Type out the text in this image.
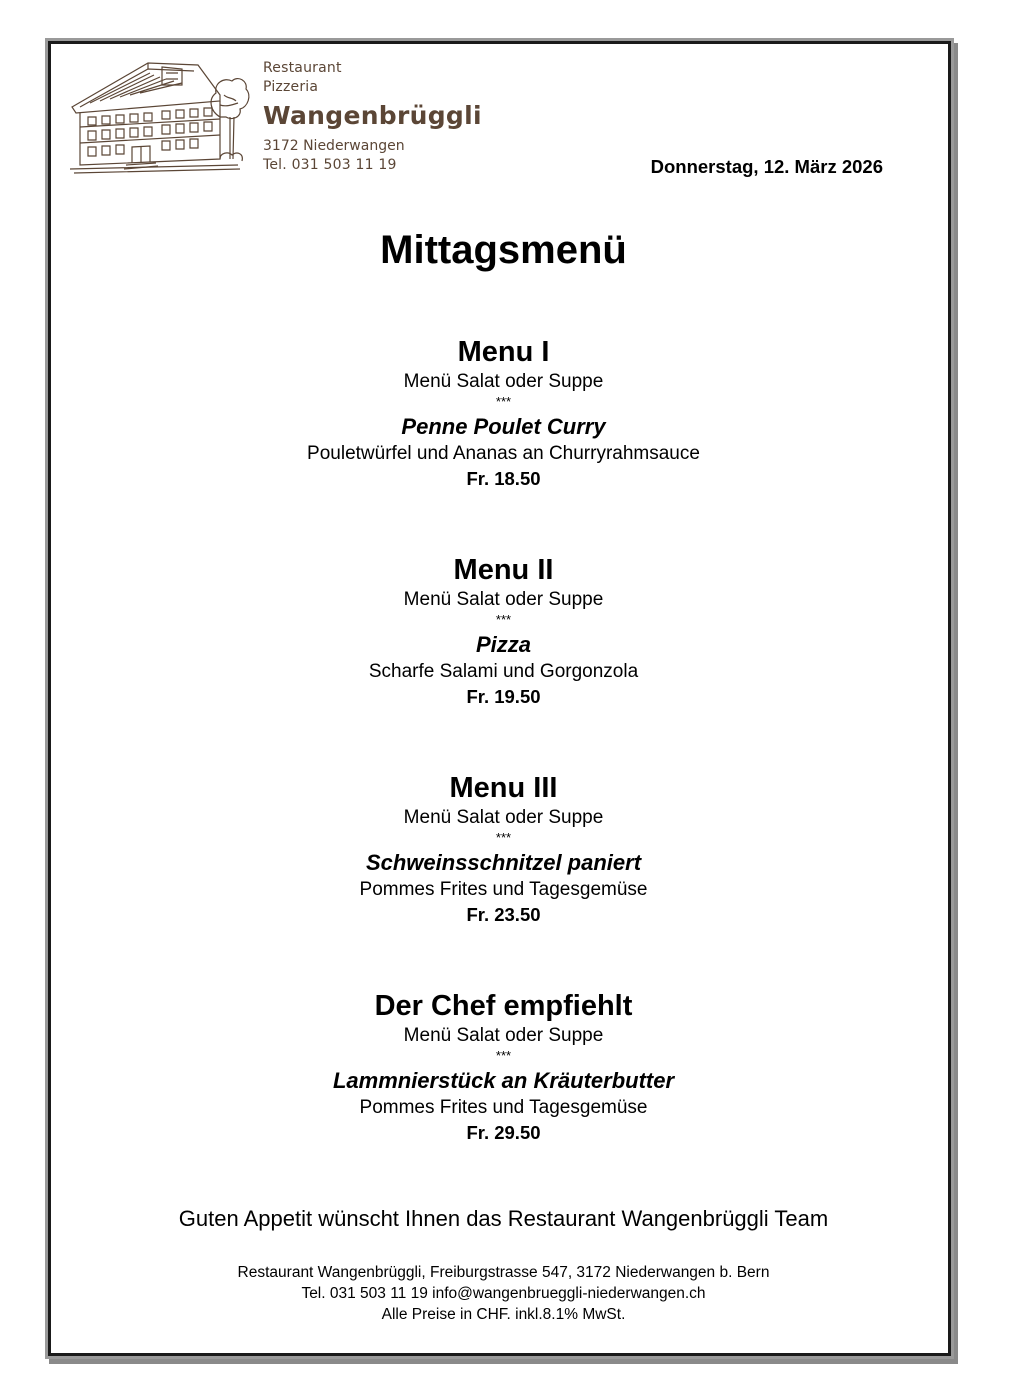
Restaurant
Pizzeria
Wangenbrüggli
3172 Niederwangen
Tel. 031 503 11 19	Donnerstag, 12. März 2026
Mittagsmenü
Menu I
Menü Salat oder Suppe
***
Penne Poulet Curry
Pouletwürfel und Ananas an Churryrahmsauce
Fr. 18.50
Menu II
Menü Salat oder Suppe
***
Pizza
Scharfe Salami und Gorgonzola
Fr. 19.50
Menu III
Menü Salat oder Suppe
***
Schweinsschnitzel paniert
Pommes Frites und Tagesgemüse
Fr. 23.50
Der Chef empfiehlt
Menü Salat oder Suppe
***
Lammnierstück an Kräuterbutter
Pommes Frites und Tagesgemüse
Fr. 29.50
Guten Appetit wünscht Ihnen das Restaurant Wangenbrüggli Team
Restaurant Wangenbrüggli, Freiburgstrasse 547, 3172 Niederwangen b. Bern
Tel. 031 503 11 19 info@wangenbrueggli-niederwangen.ch
Alle Preise in CHF. inkl.8.1% MwSt.
